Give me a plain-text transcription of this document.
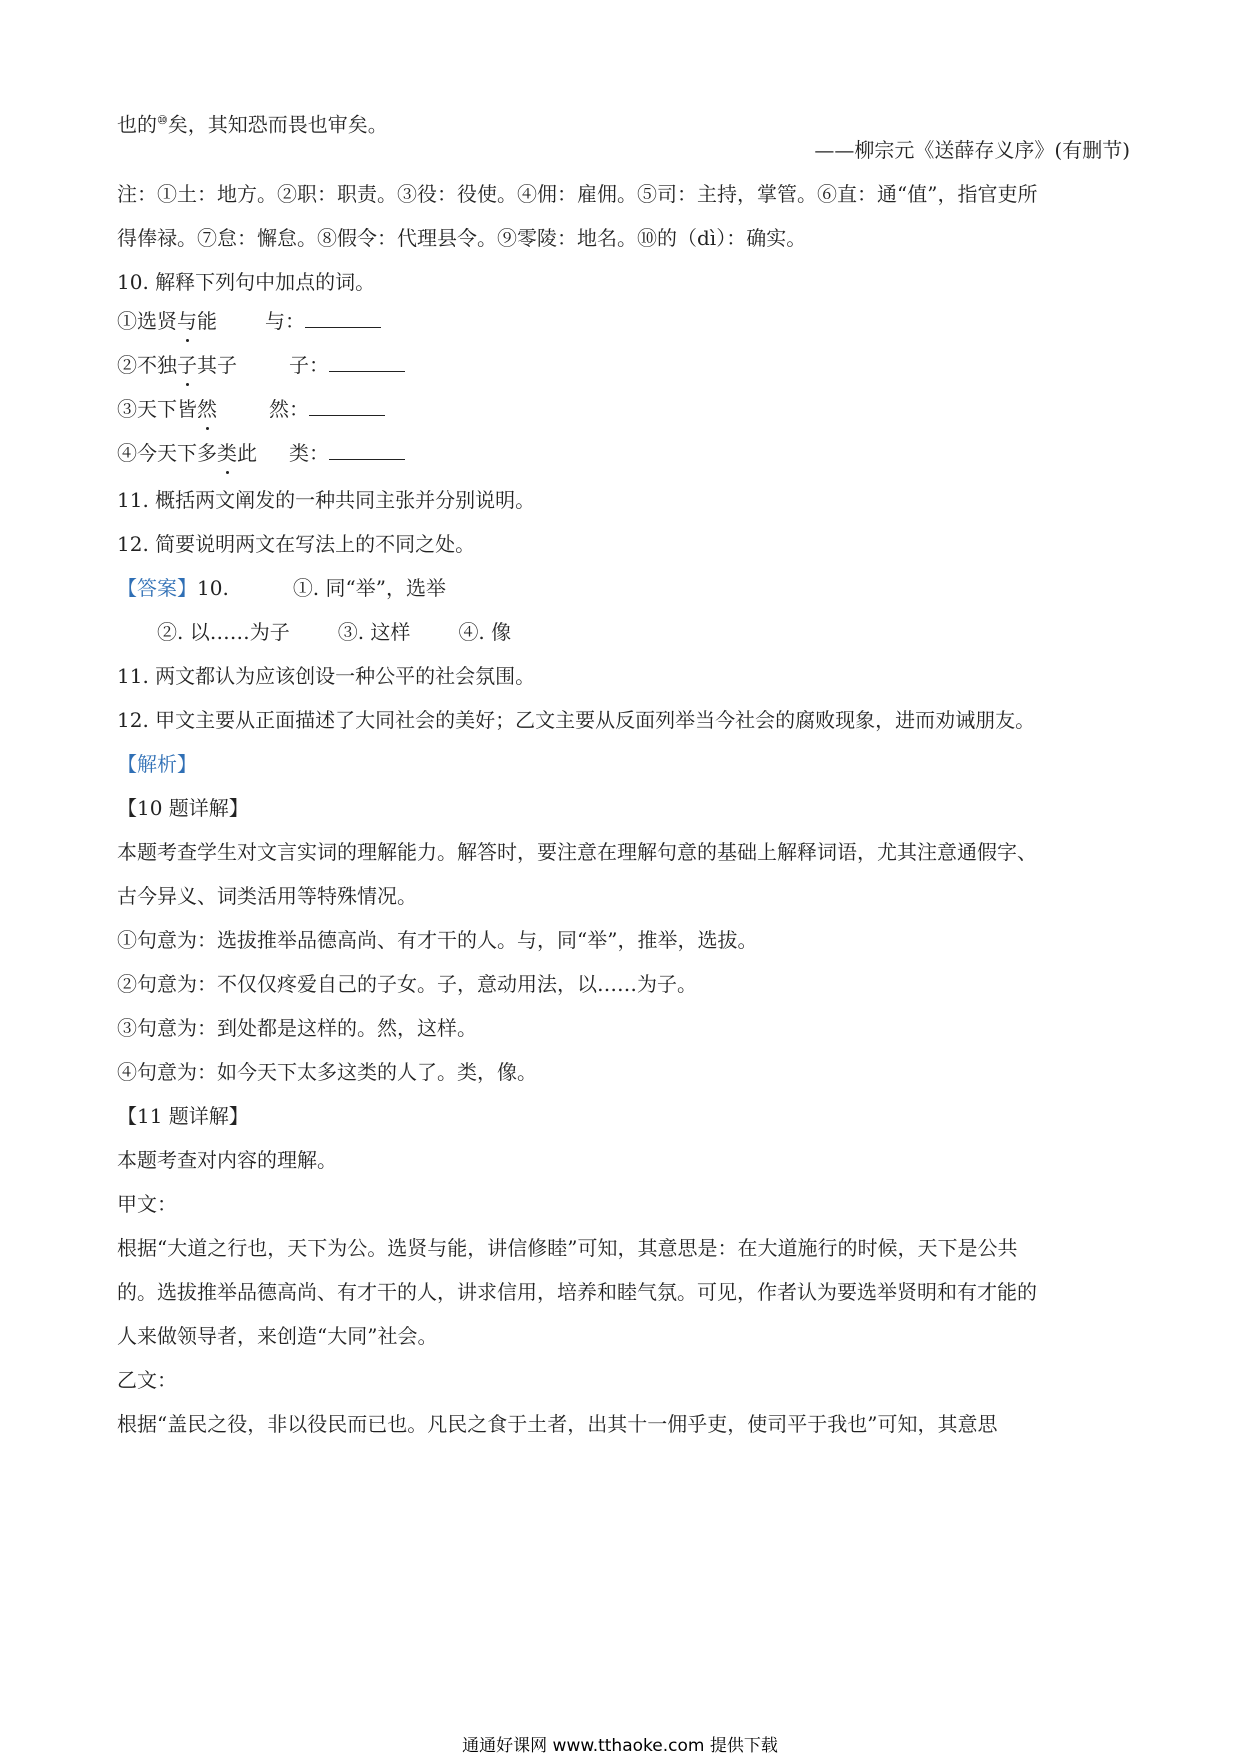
也的⑩矣，其知恐而畏也审矣。
——柳宗元《送薛存义序》(有删节)
注：①土：地方。②职：职责。③役：役使。④佣：雇佣。⑤司：主持，掌管。⑥直：通“值”，指官吏所
得俸禄。⑦怠：懈怠。⑧假令：代理县令。⑨零陵：地名。⑩的（dì）：确实。
10. 解释下列句中加点的词。
①选贤与能 与：
②不独子其子	子：
③天下皆然	然：
④今天下多类此 类：
11. 概括两文阐发的一种共同主张并分别说明。
12. 简要说明两文在写法上的不同之处。
【答案】10.	①. 同“举”，选举
②. 以……为子 ③. 这样 ④. 像
11. 两文都认为应该创设一种公平的社会氛围。
12. 甲文主要从正面描述了大同社会的美好；乙文主要从反面列举当今社会的腐败现象，进而劝诫朋友。
【解析】
【10 题详解】
本题考查学生对文言实词的理解能力。解答时，要注意在理解句意的基础上解释词语，尤其注意通假字、
古今异义、词类活用等特殊情况。
①句意为：选拔推举品德高尚、有才干的人。与，同“举”，推举，选拔。
②句意为：不仅仅疼爱自己的子女。子，意动用法，以……为子。
③句意为：到处都是这样的。然，这样。
④句意为：如今天下太多这类的人了。类，像。
【11 题详解】
本题考查对内容的理解。
甲文：
根据“大道之行也，天下为公。选贤与能，讲信修睦”可知，其意思是：在大道施行的时候，天下是公共
的。选拔推举品德高尚、有才干的人，讲求信用，培养和睦气氛。可见，作者认为要选举贤明和有才能的
人来做领导者，来创造“大同”社会。
乙文：
根据“盖民之役，非以役民而已也。凡民之食于土者，出其十一佣乎吏，使司平于我也”可知，其意思
通通好课网 www.tthaoke.com 提供下载
